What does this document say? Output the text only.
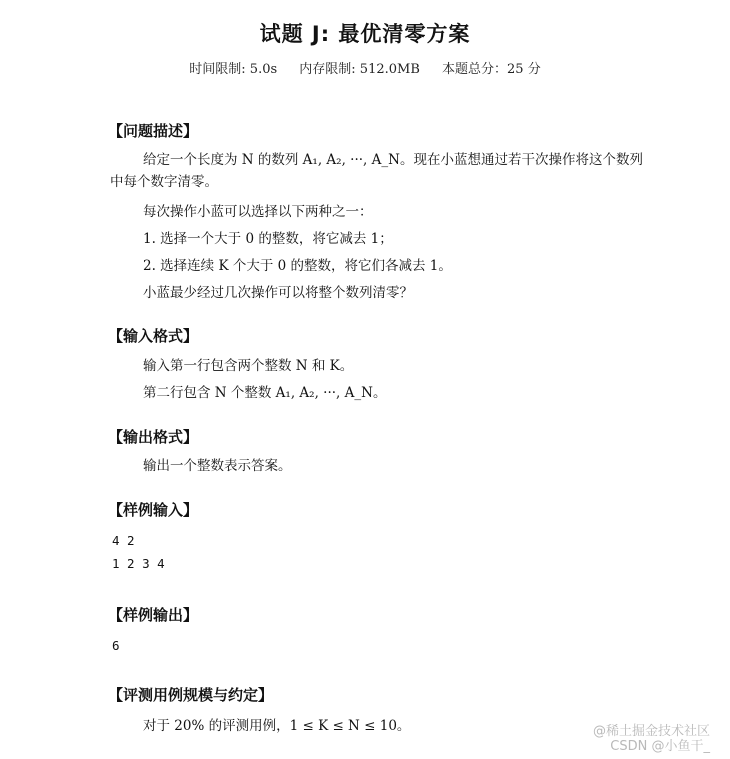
试题 J: 最优清零方案
时间限制: 5.0s 内存限制: 512.0MB 本题总分：25 分
【问题描述】
给定一个长度为 N 的数列 A₁, A₂, ···, A_N。现在小蓝想通过若干次操作将这个数列中每个数字清零。
每次操作小蓝可以选择以下两种之一：
1. 选择一个大于 0 的整数，将它减去 1；
2. 选择连续 K 个大于 0 的整数，将它们各减去 1。
小蓝最少经过几次操作可以将整个数列清零？
【输入格式】
输入第一行包含两个整数 N 和 K。
第二行包含 N 个整数 A₁, A₂, ···, A_N。
【输出格式】
输出一个整数表示答案。
【样例输入】
4 2
1 2 3 4
【样例输出】
6
【评测用例规模与约定】
对于 20% 的评测用例，1 ≤ K ≤ N ≤ 10。	@稀土掘金技术社区
CSDN @小鱼干_
